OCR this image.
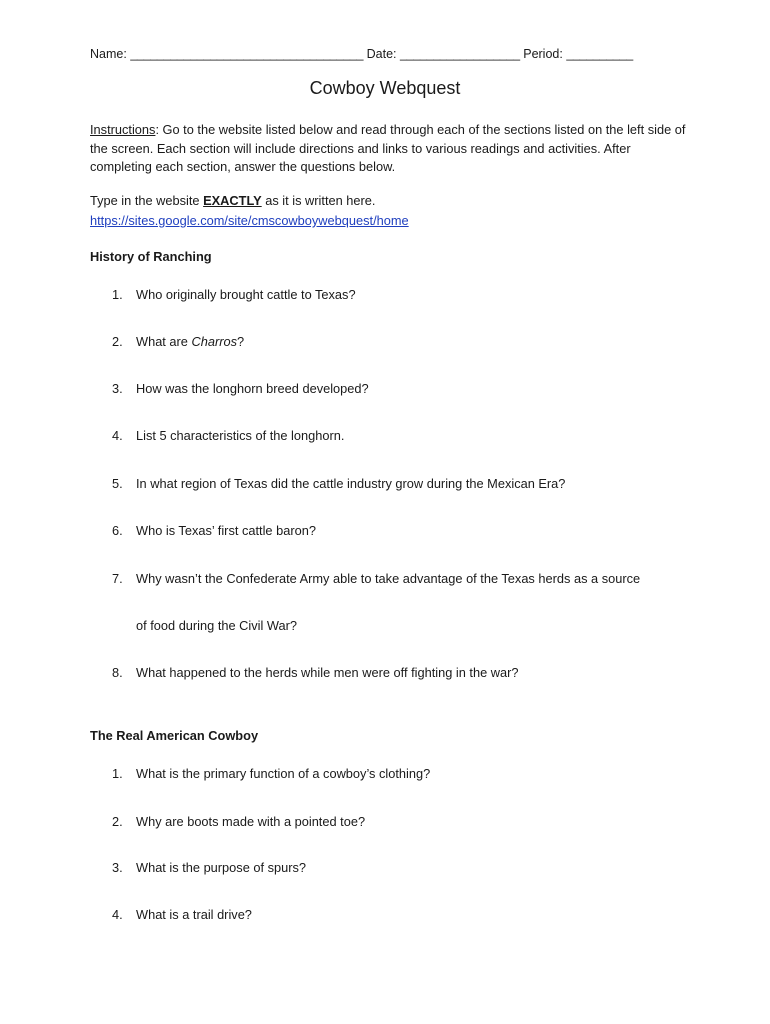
Name: ___________________________________ Date: __________________ Period: __________
Cowboy Webquest
Instructions: Go to the website listed below and read through each of the sections listed on the left side of the screen. Each section will include directions and links to various readings and activities. After completing each section, answer the questions below.
Type in the website EXACTLY as it is written here.
https://sites.google.com/site/cmscowboywebquest/home
History of Ranching
1. Who originally brought cattle to Texas?
2. What are Charros?
3. How was the longhorn breed developed?
4. List 5 characteristics of the longhorn.
5. In what region of Texas did the cattle industry grow during the Mexican Era?
6. Who is Texas’ first cattle baron?
7. Why wasn’t the Confederate Army able to take advantage of the Texas herds as a source
of food during the Civil War?
8. What happened to the herds while men were off fighting in the war?
The Real American Cowboy
1. What is the primary function of a cowboy’s clothing?
2. Why are boots made with a pointed toe?
3. What is the purpose of spurs?
4. What is a trail drive?
